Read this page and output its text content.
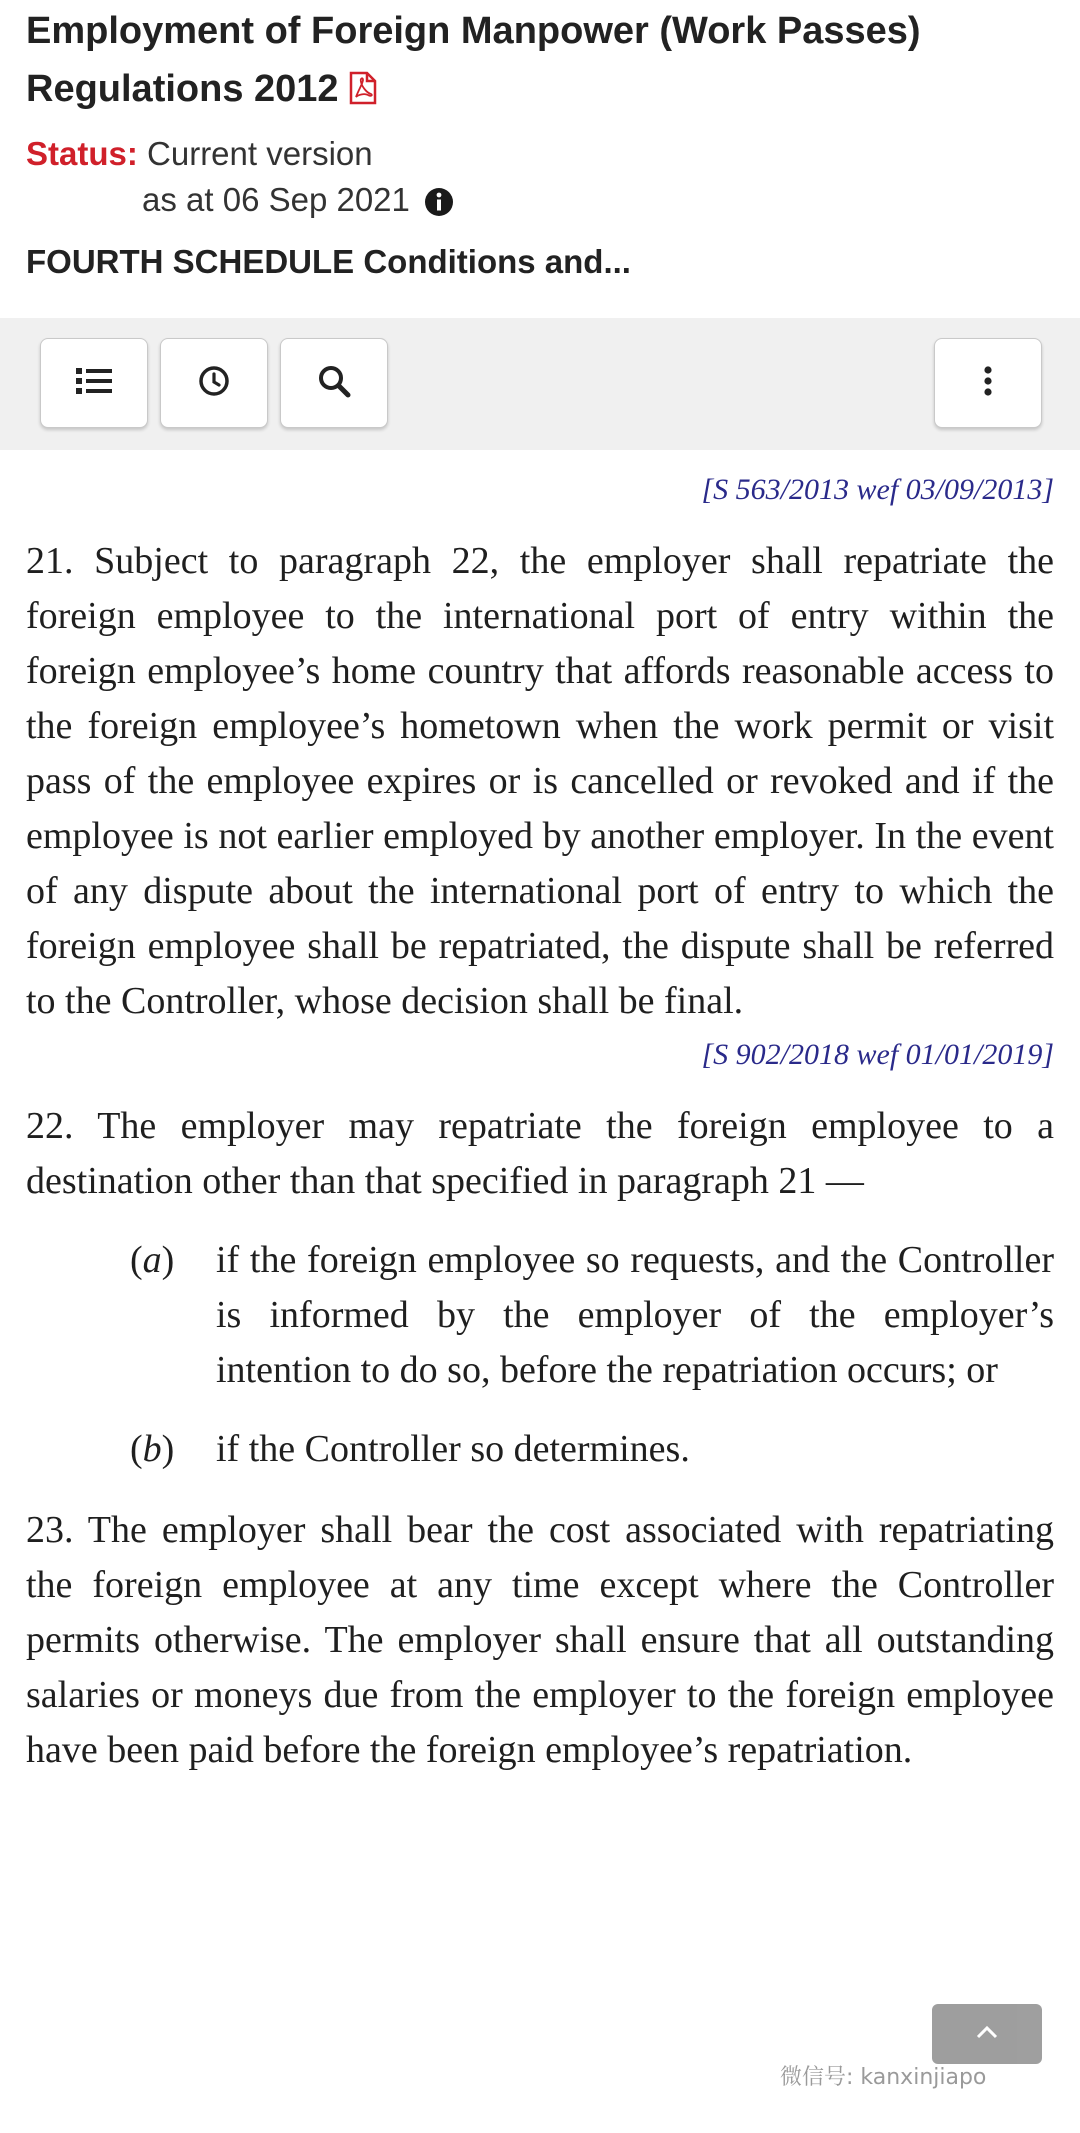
Employment of Foreign Manpower (Work Passes) Regulations 2012
Status: Current version
as at 06 Sep 2021
FOURTH SCHEDULE Conditions and...
[S 563/2013 wef 03/09/2013]

21. Subject to paragraph 22, the employer shall repatriate the foreign employee to the international port of entry within the foreign employee’s home country that affords reasonable access to the foreign employee’s hometown when the work permit or visit pass of the employee expires or is cancelled or revoked and if the employee is not earlier employed by another employer. In the event of any dispute about the international port of entry to which the foreign employee shall be repatriated, the dispute shall be referred to the Controller, whose decision shall be final.

[S 902/2018 wef 01/01/2019]

22. The employer may repatriate the foreign employee to a destination other than that specified in paragraph 21 —

(a) if the foreign employee so requests, and the Controller is informed by the employer of the employer’s intention to do so, before the repatriation occurs; or
(b) if the Controller so determines.

23. The employer shall bear the cost associated with repatriating the foreign employee at any time except where the Controller permits otherwise. The employer shall ensure that all outstanding salaries or moneys due from the employer to the foreign employee have been paid before the foreign employee’s repatriation.

微信号: kanxinjiapo
